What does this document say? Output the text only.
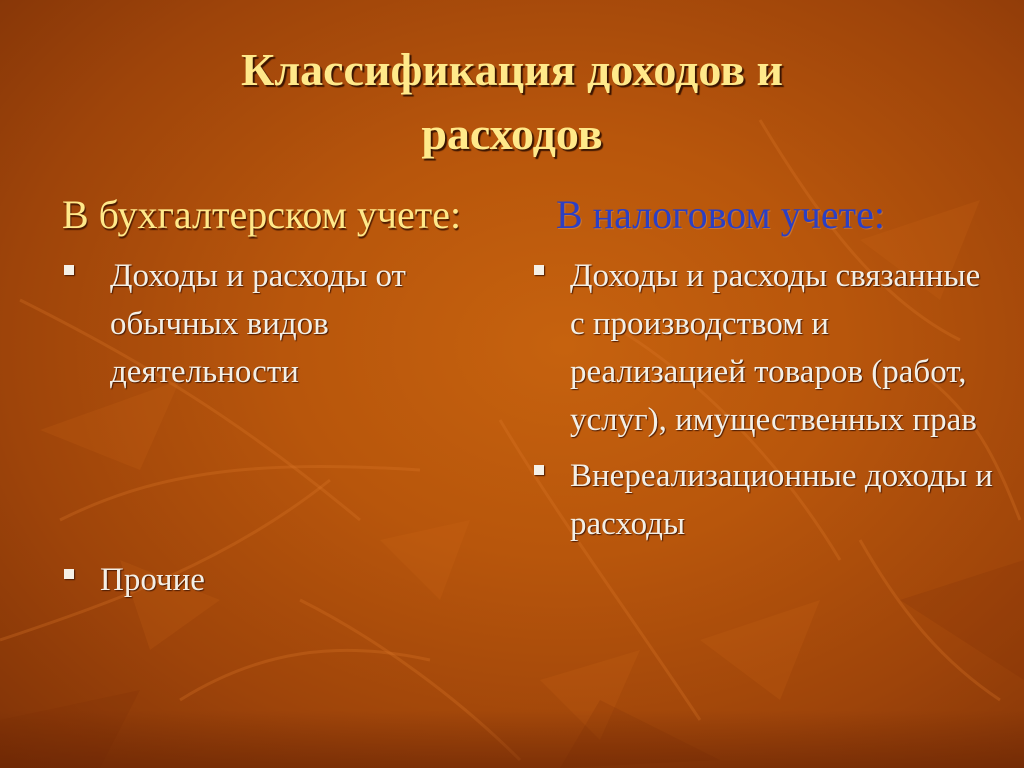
Классификация доходов и
расходов
В бухгалтерском учете: В налоговом учете:
Доходы и расходы от обычных видов деятельности
Прочие
Доходы и расходы связанные с производством и реализацией товаров (работ, услуг), имущественных прав
Внереализационные доходы и расходы
